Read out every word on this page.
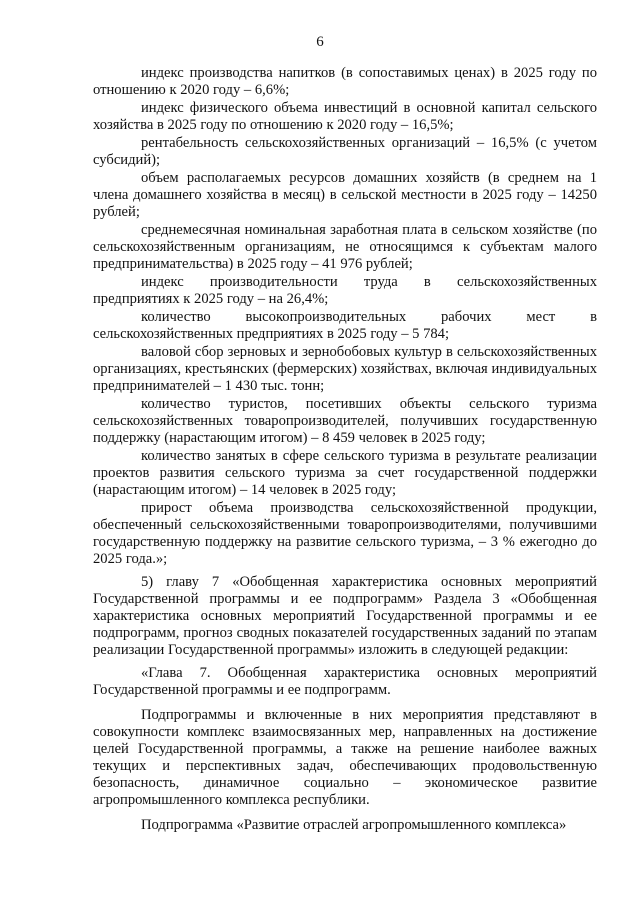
6

индекс производства напитков (в сопоставимых ценах) в 2025 году по отношению к 2020 году – 6,6%;

индекс физического объема инвестиций в основной капитал сельского хозяйства в 2025 году по отношению к 2020 году – 16,5%;

рентабельность сельскохозяйственных организаций – 16,5% (с учетом субсидий);

объем располагаемых ресурсов домашних хозяйств (в среднем на 1 члена домашнего хозяйства в месяц) в сельской местности в 2025 году – 14250 рублей;

среднемесячная номинальная заработная плата в сельском хозяйстве (по сельскохозяйственным организациям, не относящимся к субъектам малого предпринимательства) в 2025 году – 41 976 рублей;

индекс производительности труда в сельскохозяйственных предприятиях к 2025 году – на 26,4%;

количество высокопроизводительных рабочих мест в сельскохозяйственных предприятиях в 2025 году – 5 784;

валовой сбор зерновых и зернобобовых культур в сельскохозяйственных организациях, крестьянских (фермерских) хозяйствах, включая индивидуальных предпринимателей – 1 430 тыс. тонн;

количество туристов, посетивших объекты сельского туризма сельскохозяйственных товаропроизводителей, получивших государственную поддержку (нарастающим итогом) – 8 459 человек в 2025 году;

количество занятых в сфере сельского туризма в результате реализации проектов развития сельского туризма за счет государственной поддержки (нарастающим итогом) – 14 человек в 2025 году;

прирост объема производства сельскохозяйственной продукции, обеспеченный сельскохозяйственными товаропроизводителями, получившими государственную поддержку на развитие сельского туризма, – 3 % ежегодно до 2025 года.»;

5) главу 7 «Обобщенная характеристика основных мероприятий Государственной программы и ее подпрограмм» Раздела 3 «Обобщенная характеристика основных мероприятий Государственной программы и ее подпрограмм, прогноз сводных показателей государственных заданий по этапам реализации Государственной программы» изложить в следующей редакции:

«Глава 7. Обобщенная характеристика основных мероприятий Государственной программы и ее подпрограмм.

Подпрограммы и включенные в них мероприятия представляют в совокупности комплекс взаимосвязанных мер, направленных на достижение целей Государственной программы, а также на решение наиболее важных текущих и перспективных задач, обеспечивающих продовольственную безопасность, динамичное социально – экономическое развитие агропромышленного комплекса республики.

Подпрограмма «Развитие отраслей агропромышленного комплекса»
